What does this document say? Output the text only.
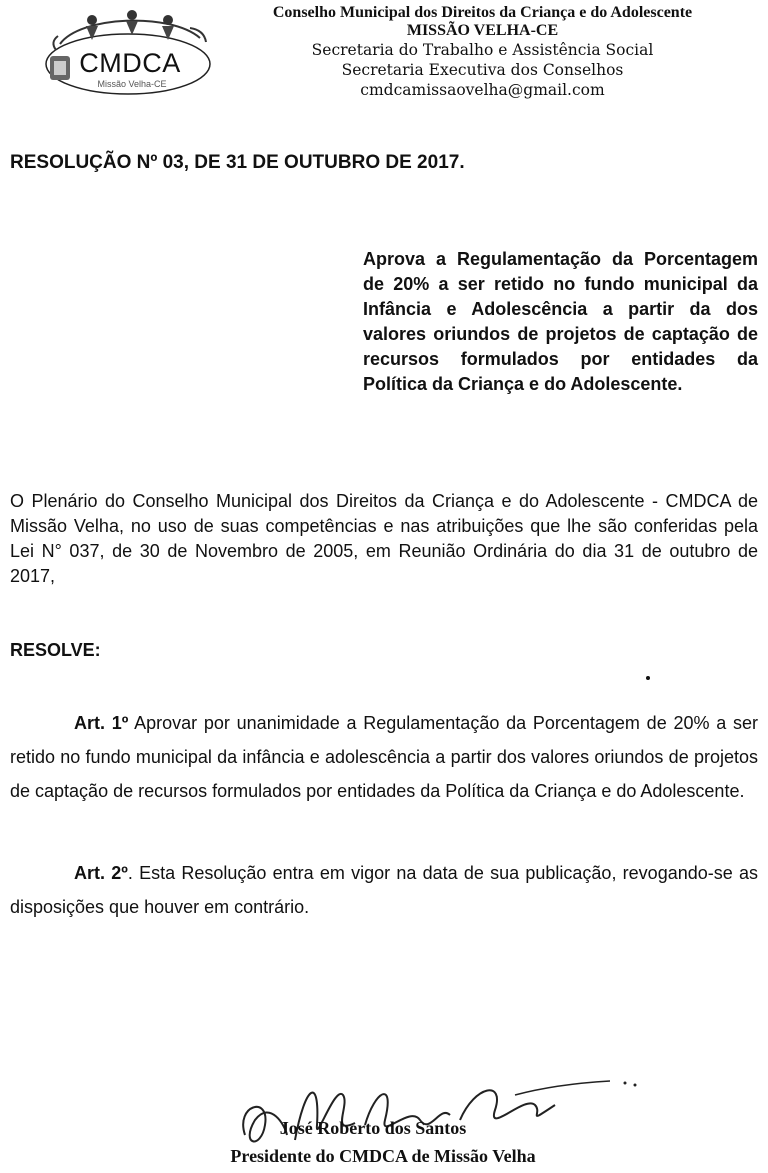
CMDCA
Missão Velha-CE
Conselho Municipal dos Direitos da Criança e do Adolescente
MISSÃO VELHA-CE
Secretaria do Trabalho e Assistência Social
Secretaria Executiva dos Conselhos
cmdcamissaovelha@gmail.com
RESOLUÇÃO Nº 03, DE 31 DE OUTUBRO DE 2017.
Aprova a Regulamentação da Porcentagem de 20% a ser retido no fundo municipal da Infância e Adolescência a partir da dos valores oriundos de projetos de captação de recursos formulados por entidades da Política da Criança e do Adolescente.
O Plenário do Conselho Municipal dos Direitos da Criança e do Adolescente - CMDCA de Missão Velha, no uso de suas competências e nas atribuições que lhe são conferidas pela Lei N° 037, de 30 de Novembro de 2005, em Reunião Ordinária do dia 31 de outubro de 2017,
RESOLVE:
Art. 1º Aprovar por unanimidade a Regulamentação da Porcentagem de 20% a ser retido no fundo municipal da infância e adolescência a partir dos valores oriundos de projetos de captação de recursos formulados por entidades da Política da Criança e do Adolescente.
Art. 2º. Esta Resolução entra em vigor na data de sua publicação, revogando-se as disposições que houver em contrário.
José Roberto dos Santos
Presidente do CMDCA de Missão Velha
